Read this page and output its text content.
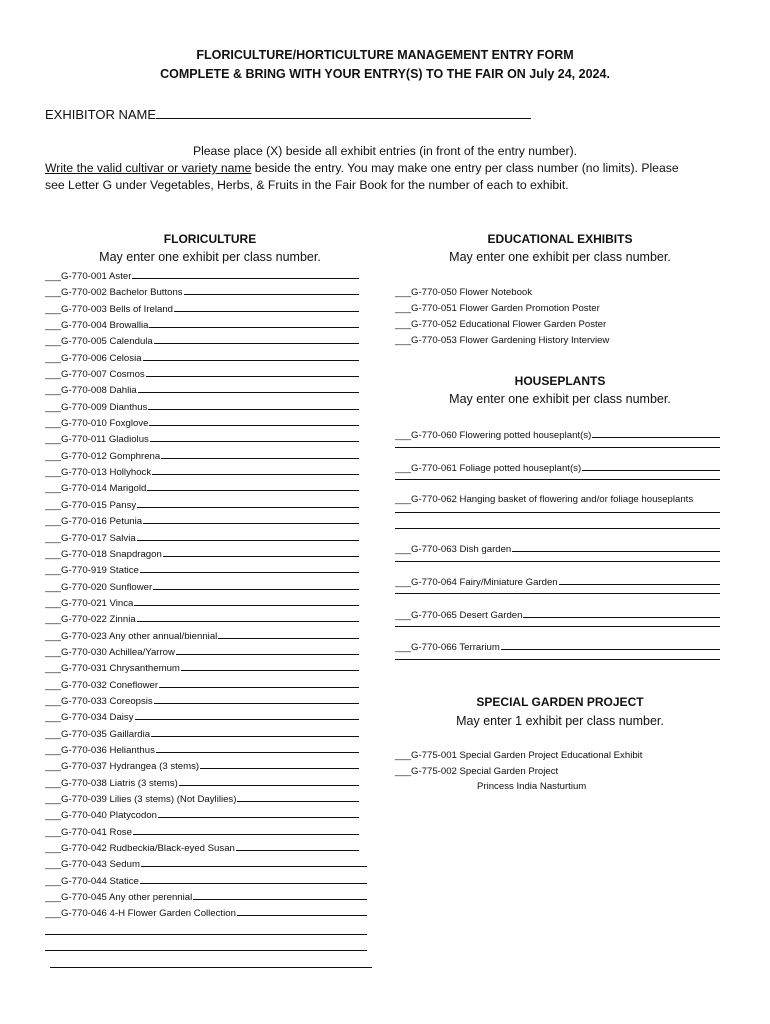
FLORICULTURE/HORTICULTURE MANAGEMENT ENTRY FORM
COMPLETE & BRING WITH YOUR ENTRY(S) TO THE FAIR ON July 24, 2024.
EXHIBITOR NAME
Please place (X) beside all exhibit entries (in front of the entry number).
Write the valid cultivar or variety name beside the entry. You may make one entry per class number (no limits). Please
see Letter G under Vegetables, Herbs, & Fruits in the Fair Book for the number of each to exhibit.
FLORICULTURE
May enter one exhibit per class number.
___G-770-001 Aster
___G-770-002 Bachelor Buttons
___G-770-003 Bells of Ireland
___G-770-004 Browallia
___G-770-005 Calendula
___G-770-006 Celosia
___G-770-007 Cosmos
___G-770-008 Dahlia
___G-770-009 Dianthus
___G-770-010 Foxglove
___G-770-011 Gladiolus
___G-770-012 Gomphrena
___G-770-013 Hollyhock
___G-770-014 Marigold
___G-770-015 Pansy
___G-770-016 Petunia
___G-770-017 Salvia
___G-770-018 Snapdragon
___G-770-919 Statice
___G-770-020 Sunflower
___G-770-021 Vinca
___G-770-022 Zinnia
___G-770-023 Any other annual/biennial
___G-770-030 Achillea/Yarrow
___G-770-031 Chrysanthemum
___G-770-032 Coneflower
___G-770-033 Coreopsis
___G-770-034 Daisy
___G-770-035 Gaillardia
___G-770-036 Helianthus
___G-770-037 Hydrangea (3 stems)
___G-770-038 Liatris (3 stems)
___G-770-039 Lilies (3 stems) (Not Daylilies)
___G-770-040 Platycodon
___G-770-041 Rose
___G-770-042 Rudbeckia/Black-eyed Susan
___G-770-043 Sedum
___G-770-044 Statice
___G-770-045 Any other perennial
___G-770-046 4-H Flower Garden Collection
EDUCATIONAL EXHIBITS
May enter one exhibit per class number.
___G-770-050 Flower Notebook
___G-770-051 Flower Garden Promotion Poster
___G-770-052 Educational Flower Garden Poster
___G-770-053 Flower Gardening History Interview
HOUSEPLANTS
May enter one exhibit per class number.
___G-770-060 Flowering potted houseplant(s)
___G-770-061 Foliage potted houseplant(s)
___G-770-062 Hanging basket of flowering and/or foliage houseplants
___G-770-063 Dish garden
___G-770-064 Fairy/Miniature Garden
___G-770-065 Desert Garden
___G-770-066 Terrarium
SPECIAL GARDEN PROJECT
May enter 1 exhibit per class number.
___G-775-001 Special Garden Project Educational Exhibit
___G-775-002 Special Garden Project
Princess India Nasturtium
